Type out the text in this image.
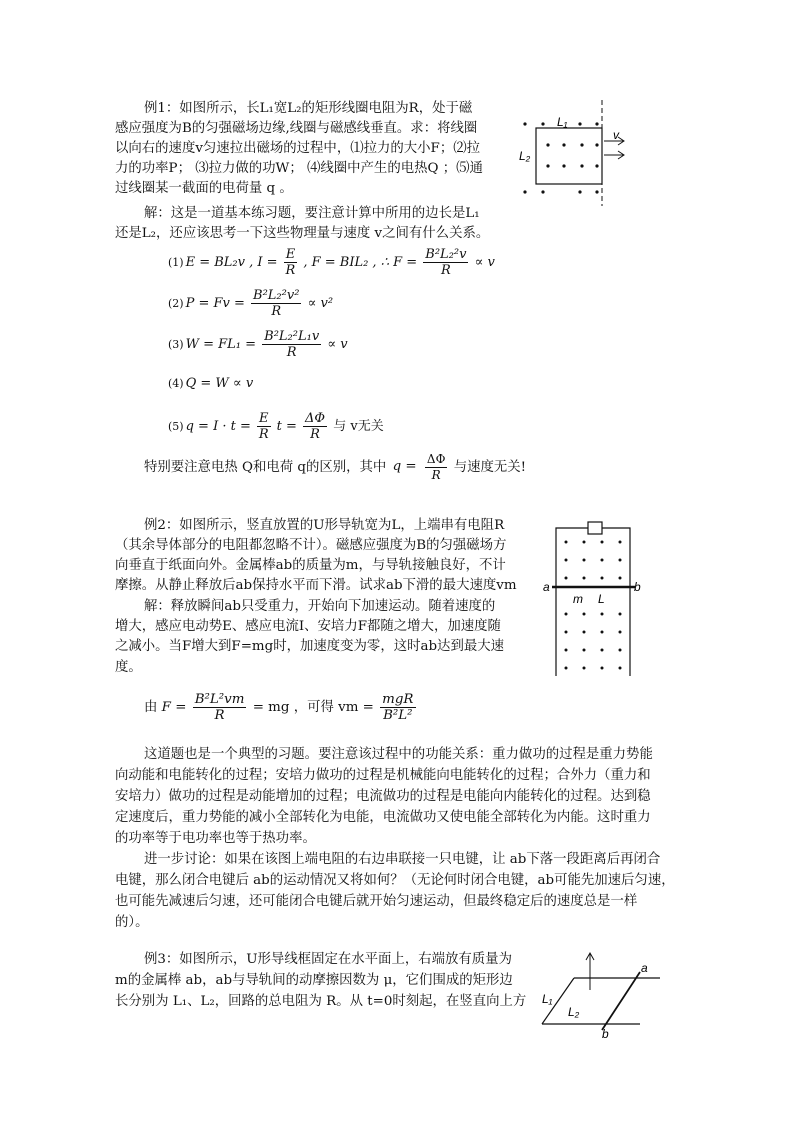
例1：如图所示，长L₁宽L₂的矩形线圈电阻为R，处于磁
感应强度为B的匀强磁场边缘,线圈与磁感线垂直。求：将线圈
以向右的速度v匀速拉出磁场的过程中，⑴拉力的大小F；⑵拉
力的功率P； ⑶拉力做的功W； ⑷线圈中产生的电热Q ；⑸通
过线圈某一截面的电荷量 q 。
解：这是一道基本练习题，要注意计算中所用的边长是L₁
还是L₂，还应该思考一下这些物理量与速度 v之间有什么关系。
L₁
L₂
v
(1) E = BL₂v , $I = \frac{E}{R}$ , F = BIL₂ , ∴ $F = \frac{\text{B²L₂²v}}{R} \propto v$
(2) $P = Fv = \frac{\text{B²L₂²v²}}{R} \propto v^2$
(3) $W = FL_1 = \frac{\text{B²L₂²L₁v}}{R} \propto v$
(4) Q = W ∝ v
(5) $q = I \cdot t = \frac{E}{R}$ $t = \frac{\Delta\Phi}{R}$ 与 v无关
特别要注意电热 Q和电荷 q的区别，其中 $q = \frac{\Delta\Phi}{R}$ 与速度无关!
例2：如图所示，竖直放置的U形导轨宽为L，上端串有电阻R
（其余导体部分的电阻都忽略不计）。磁感应强度为B的匀强磁场方
向垂直于纸面向外。金属棒ab的质量为m，与导轨接触良好，不计
摩擦。从静止释放后ab保持水平而下滑。试求ab下滑的最大速度vm
解：释放瞬间ab只受重力，开始向下加速运动。随着速度的
增大，感应电动势E、感应电流I、安培力F都随之增大，加速度随
之减小。当F增大到F=mg时，加速度变为零，这时ab达到最大速
度。
a	b
m L
由 $F = \frac{\text{B²L²vm}}{R}$ = mg ，可得 vm =
mgR
B²L²
这道题也是一个典型的习题。要注意该过程中的功能关系：重力做功的过程是重力势能
向动能和电能转化的过程；安培力做功的过程是机械能向电能转化的过程；合外力（重力和
安培力）做功的过程是动能增加的过程；电流做功的过程是电能向内能转化的过程。达到稳
定速度后，重力势能的减小全部转化为电能，电流做功又使电能全部转化为内能。这时重力
的功率等于电功率也等于热功率。
进一步讨论：如果在该图上端电阻的右边串联接一只电键，让 ab下落一段距离后再闭合
电键，那么闭合电键后 ab的运动情况又将如何？（无论何时闭合电键，ab可能先加速后匀速，
也可能先减速后匀速，还可能闭合电键后就开始匀速运动，但最终稳定后的速度总是一样
的）。
例3：如图所示，U形导线框固定在水平面上，右端放有质量为
m的金属棒 ab，ab与导轨间的动摩擦因数为 μ，它们围成的矩形边
长分别为 L₁、L₂，回路的总电阻为 R。从 t=0时刻起，在竖直向上方
a
b
L₁
L₂
